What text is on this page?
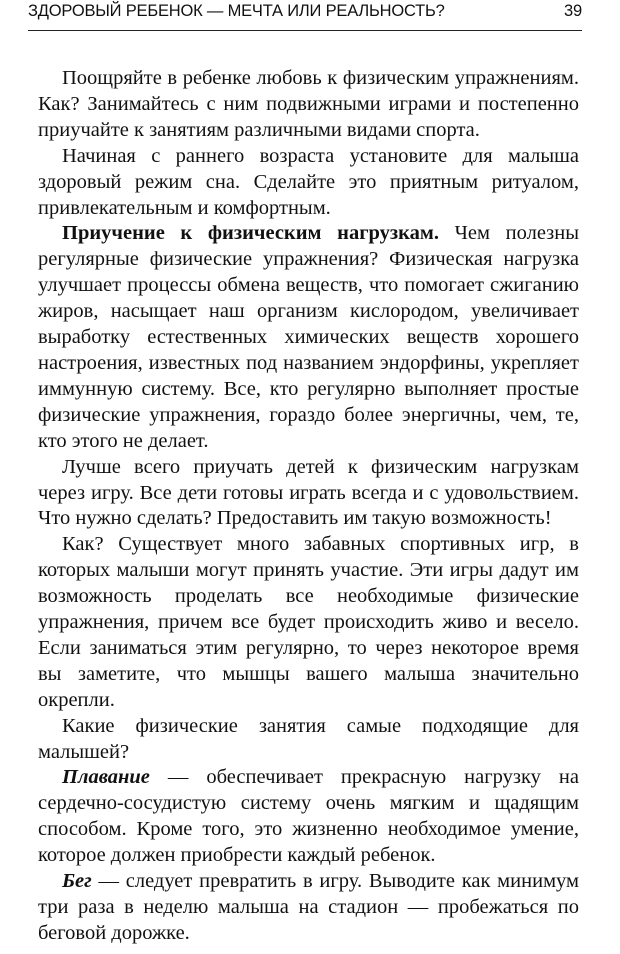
ЗДОРОВЫЙ РЕБЕНОК — МЕЧТА ИЛИ РЕАЛЬНОСТЬ?	39

Поощряйте в ребенке любовь к физическим упражнениям. Как? Занимайтесь с ним подвижными играми и постепенно приучайте к занятиям различными видами спорта.

Начиная с раннего возраста установите для малыша здоровый режим сна. Сделайте это приятным ритуалом, привлекательным и комфортным.

Приучение к физическим нагрузкам. Чем полезны регулярные физические упражнения? Физическая нагрузка улучшает процессы обмена веществ, что помогает сжиганию жиров, насыщает наш организм кислородом, увеличивает выработку естественных химических веществ хорошего настроения, известных под названием эндорфины, укрепляет иммунную систему. Все, кто регулярно выполняет простые физические упражнения, гораздо более энергичны, чем, те, кто этого не делает.

Лучше всего приучать детей к физическим нагрузкам через игру. Все дети готовы играть всегда и с удовольствием. Что нужно сделать? Предоставить им такую возможность!

Как? Существует много забавных спортивных игр, в которых малыши могут принять участие. Эти игры дадут им возможность проделать все необходимые физические упражнения, причем все будет происходить живо и весело. Если заниматься этим регулярно, то через некоторое время вы заметите, что мышцы вашего малыша значительно окрепли.

Какие физические занятия самые подходящие для малышей?

Плавание — обеспечивает прекрасную нагрузку на сердечно-сосудистую систему очень мягким и щадящим способом. Кроме того, это жизненно необходимое умение, которое должен приобрести каждый ребенок.

Бег — следует превратить в игру. Выводите как минимум три раза в неделю малыша на стадион — пробежаться по беговой дорожке.
